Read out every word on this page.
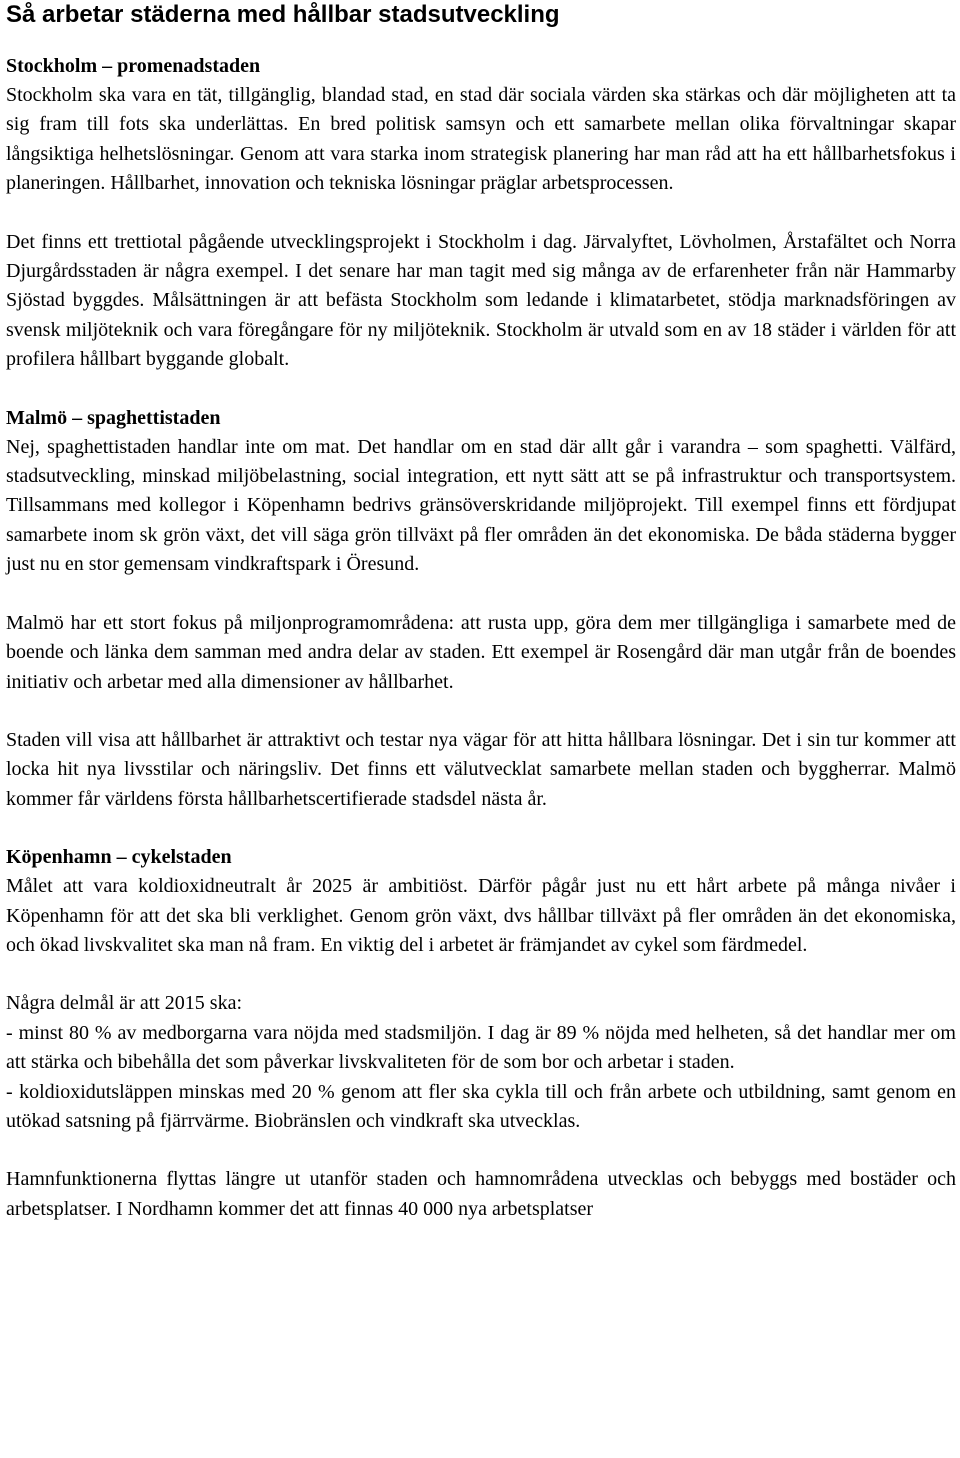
Så arbetar städerna med hållbar stadsutveckling
Stockholm – promenadstaden

Stockholm ska vara en tät, tillgänglig, blandad stad, en stad där sociala värden ska stärkas och där möjligheten att ta sig fram till fots ska underlättas. En bred politisk samsyn och ett samarbete mellan olika förvaltningar skapar långsiktiga helhetslösningar. Genom att vara starka inom strategisk planering har man råd att ha ett hållbarhetsfokus i planeringen. Hållbarhet, innovation och tekniska lösningar präglar arbetsprocessen.

Det finns ett trettiotal pågående utvecklingsprojekt i Stockholm i dag. Järvalyftet, Lövholmen, Årstafältet och Norra Djurgårdsstaden är några exempel. I det senare har man tagit med sig många av de erfarenheter från när Hammarby Sjöstad byggdes. Målsättningen är att befästa Stockholm som ledande i klimatarbetet, stödja marknadsföringen av svensk miljöteknik och vara föregångare för ny miljöteknik. Stockholm är utvald som en av 18 städer i världen för att profilera hållbart byggande globalt.

Malmö – spaghettistaden

Nej, spaghettistaden handlar inte om mat. Det handlar om en stad där allt går i varandra – som spaghetti. Välfärd, stadsutveckling, minskad miljöbelastning, social integration, ett nytt sätt att se på infrastruktur och transportsystem. Tillsammans med kollegor i Köpenhamn bedrivs gränsöverskridande miljöprojekt. Till exempel finns ett fördjupat samarbete inom sk grön växt, det vill säga grön tillväxt på fler områden än det ekonomiska. De båda städerna bygger just nu en stor gemensam vindkraftspark i Öresund.

Malmö har ett stort fokus på miljonprogramområdena: att rusta upp, göra dem mer tillgängliga i samarbete med de boende och länka dem samman med andra delar av staden. Ett exempel är Rosengård där man utgår från de boendes initiativ och arbetar med alla dimensioner av hållbarhet.

Staden vill visa att hållbarhet är attraktivt och testar nya vägar för att hitta hållbara lösningar. Det i sin tur kommer att locka hit nya livsstilar och näringsliv. Det finns ett välutvecklat samarbete mellan staden och byggherrar. Malmö kommer får världens första hållbarhetscertifierade stadsdel nästa år.

Köpenhamn – cykelstaden

Målet att vara koldioxidneutralt år 2025 är ambitiöst. Därför pågår just nu ett hårt arbete på många nivåer i Köpenhamn för att det ska bli verklighet. Genom grön växt, dvs hållbar tillväxt på fler områden än det ekonomiska, och ökad livskvalitet ska man nå fram. En viktig del i arbetet är främjandet av cykel som färdmedel.

Några delmål är att 2015 ska:

- minst 80 % av medborgarna vara nöjda med stadsmiljön. I dag är 89 % nöjda med helheten, så det handlar mer om att stärka och bibehålla det som påverkar livskvaliteten för de som bor och arbetar i staden.

- koldioxidutsläppen minskas med 20 % genom att fler ska cykla till och från arbete och utbildning, samt genom en utökad satsning på fjärrvärme. Biobränslen och vindkraft ska utvecklas.

Hamnfunktionerna flyttas längre ut utanför staden och hamnområdena utvecklas och bebyggs med bostäder och arbetsplatser. I Nordhamn kommer det att finnas 40 000 nya arbetsplatser
